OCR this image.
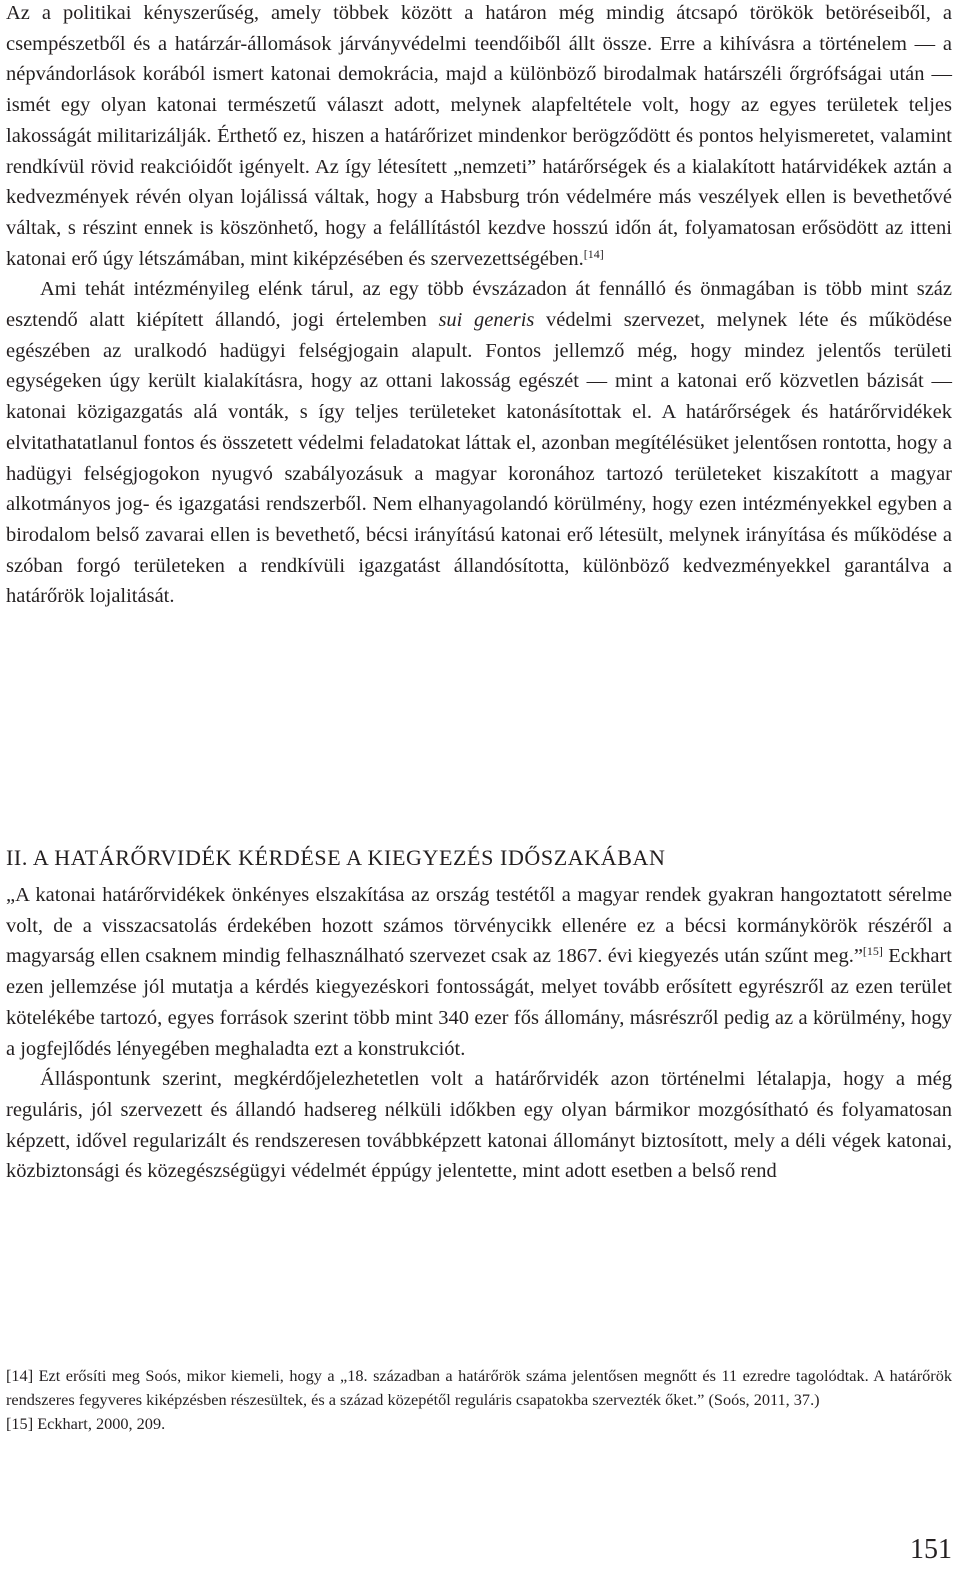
Az a politikai kényszerűség, amely többek között a határon még mindig átcsapó törökök betöréseiből, a csempészetből és a határzár-állomások járványvédelmi teendőiből állt össze. Erre a kihívásra a történelem — a népvándorlások korából ismert katonai demokrácia, majd a különböző birodalmak határszéli őrgrófságai után — ismét egy olyan katonai természetű választ adott, melynek alapfeltétele volt, hogy az egyes területek teljes lakosságát militarizálják. Érthető ez, hiszen a határőrizet mindenkor berögződött és pontos helyismeretet, valamint rendkívül rövid reakcióidőt igényelt. Az így létesített „nemzeti” határőrségek és a kialakított határvidékek aztán a kedvezmények révén olyan lojálissá váltak, hogy a Habsburg trón védelmére más veszélyek ellen is bevethetővé váltak, s részint ennek is köszönhető, hogy a felállítástól kezdve hosszú időn át, folyamatosan erősödött az itteni katonai erő úgy létszámában, mint kiképzésében és szervezettségében.[14]

Ami tehát intézményileg elénk tárul, az egy több évszázadon át fennálló és önmagában is több mint száz esztendő alatt kiépített állandó, jogi értelemben sui generis védelmi szervezet, melynek léte és működése egészében az uralkodó hadügyi felségjogain alapult. Fontos jellemző még, hogy mindez jelentős területi egységeken úgy került kialakításra, hogy az ottani lakosság egészét — mint a katonai erő közvetlen bázisát — katonai közigazgatás alá vonták, s így teljes területeket katonásítottak el. A határőrségek és határőrvidékek elvitathatatlanul fontos és összetett védelmi feladatokat láttak el, azonban megítélésüket jelentősen rontotta, hogy a hadügyi felségjogokon nyugvó szabályozásuk a magyar koronához tartozó területeket kiszakított a magyar alkotmányos jog- és igazgatási rendszerből. Nem elhanyagolandó körülmény, hogy ezen intézményekkel egyben a birodalom belső zavarai ellen is bevethető, bécsi irányítású katonai erő létesült, melynek irányítása és működése a szóban forgó területeken a rendkívüli igazgatást állandósította, különböző kedvezményekkel garantálva a határőrök lojalitását.

II. A HATÁRŐRVIDÉK KÉRDÉSE A KIEGYEZÉS IDŐSZAKÁBAN

„A katonai határőrvidékek önkényes elszakítása az ország testétől a magyar rendek gyakran hangoztatott sérelme volt, de a visszacsatolás érdekében hozott számos törvénycikk ellenére ez a bécsi kormánykörök részéről a magyarság ellen csaknem mindig felhasználható szervezet csak az 1867. évi kiegyezés után szűnt meg.”[15] Eckhart ezen jellemzése jól mutatja a kérdés kiegyezéskori fontosságát, melyet tovább erősített egyrészről az ezen terület kötelékébe tartozó, egyes források szerint több mint 340 ezer fős állomány, másrészről pedig az a körülmény, hogy a jogfejlődés lényegében meghaladta ezt a konstrukciót.

Álláspontunk szerint, megkérdőjelezhetetlen volt a határőrvidék azon történelmi létalapja, hogy a még reguláris, jól szervezett és állandó hadsereg nélküli időkben egy olyan bármikor mozgósítható és folyamatosan képzett, idővel regularizált és rendszeresen továbbképzett katonai állományt biztosított, mely a déli végek katonai, közbiztonsági és közegészségügyi védelmét éppúgy jelentette, mint adott esetben a belső rend

[14] Ezt erősíti meg Soós, mikor kiemeli, hogy a „18. században a határőrök száma jelentősen megnőtt és 11 ezredre tagolódtak. A határőrök rendszeres fegyveres kiképzésben részesültek, és a század közepétől reguláris csapatokba szervezték őket.” (Soós, 2011, 37.)

[15] Eckhart, 2000, 209.

151
